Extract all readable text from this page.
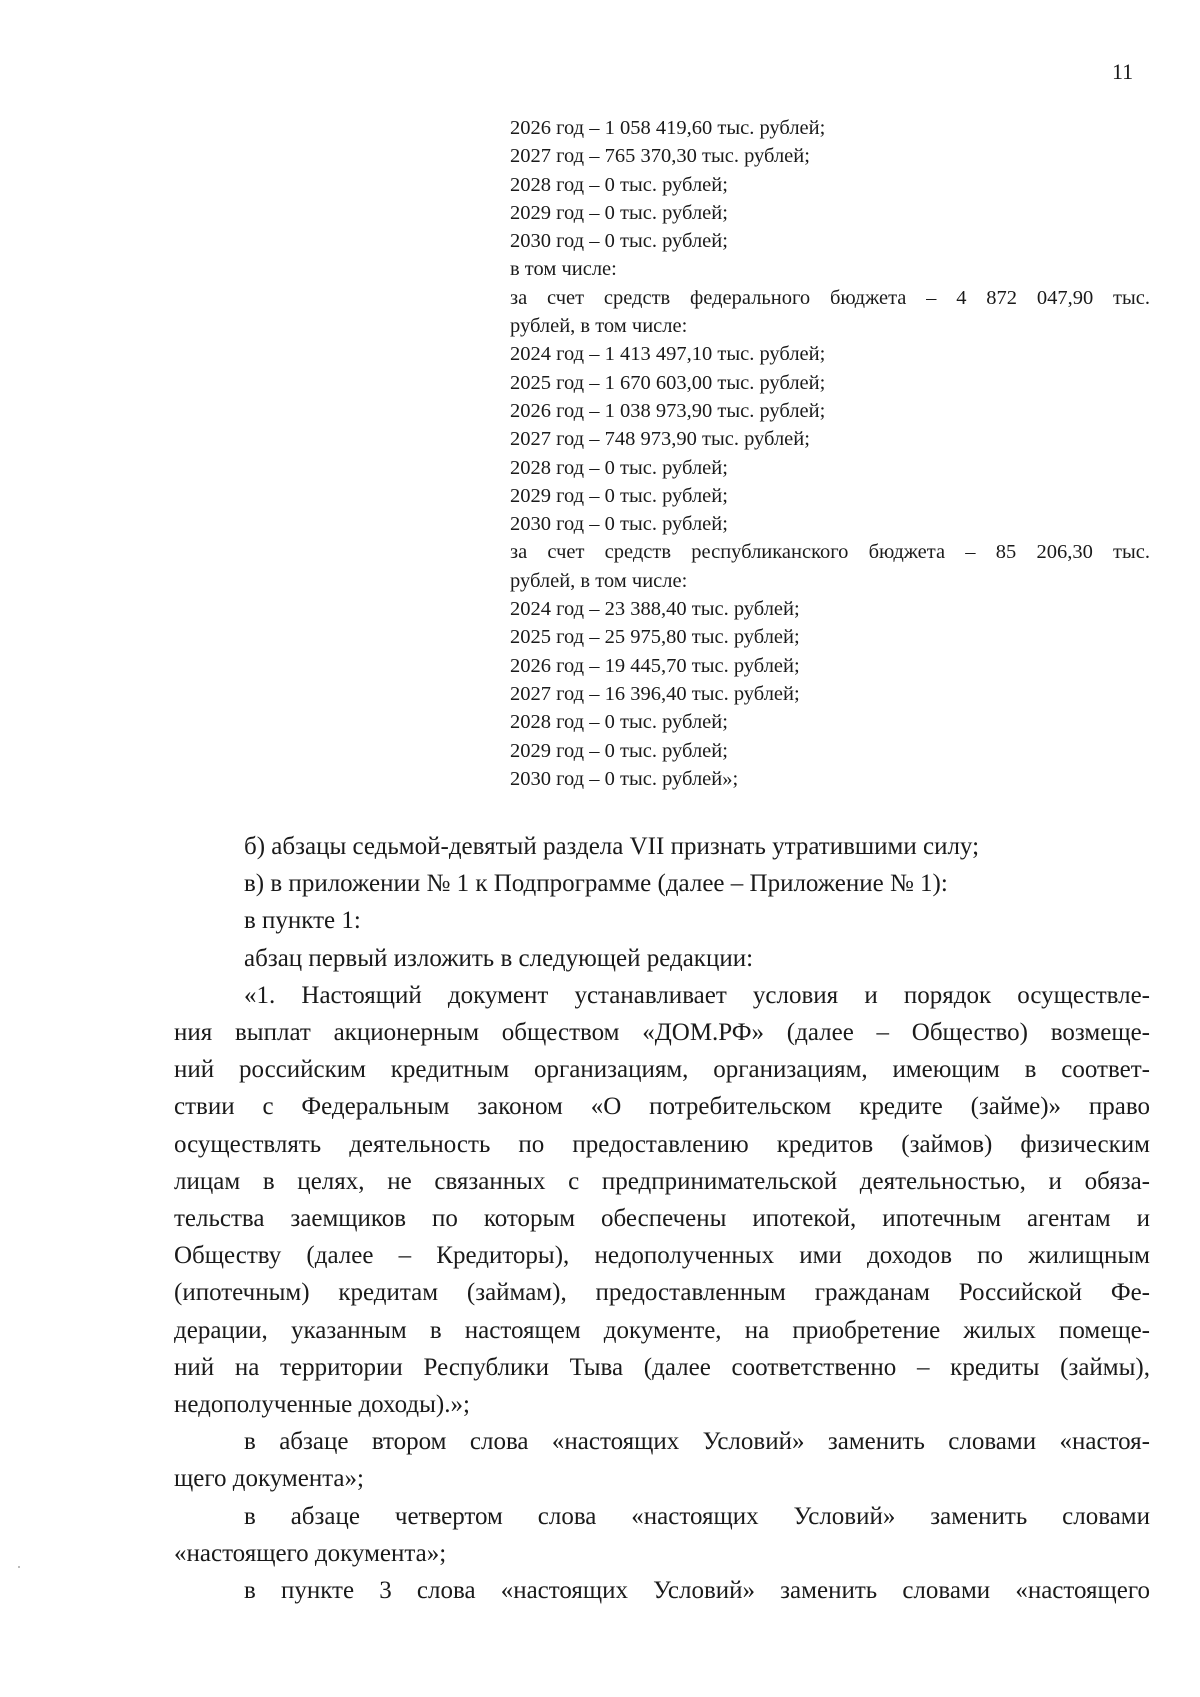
11
2026 год – 1 058 419,60 тыс. рублей;
2027 год – 765 370,30 тыс. рублей;
2028 год – 0 тыс. рублей;
2029 год – 0 тыс. рублей;
2030 год – 0 тыс. рублей;
в том числе:
за счет средств федерального бюджета – 4 872 047,90 тыс.
рублей, в том числе:
2024 год – 1 413 497,10 тыс. рублей;
2025 год – 1 670 603,00 тыс. рублей;
2026 год – 1 038 973,90 тыс. рублей;
2027 год – 748 973,90 тыс. рублей;
2028 год – 0 тыс. рублей;
2029 год – 0 тыс. рублей;
2030 год – 0 тыс. рублей;
за счет средств республиканского бюджета – 85 206,30 тыс.
рублей, в том числе:
2024 год – 23 388,40 тыс. рублей;
2025 год – 25 975,80 тыс. рублей;
2026 год – 19 445,70 тыс. рублей;
2027 год – 16 396,40 тыс. рублей;
2028 год – 0 тыс. рублей;
2029 год – 0 тыс. рублей;
2030 год – 0 тыс. рублей»;
б) абзацы седьмой-девятый раздела VII признать утратившими силу;
в) в приложении № 1 к Подпрограмме (далее – Приложение № 1):
в пункте 1:
абзац первый изложить в следующей редакции:
«1. Настоящий документ устанавливает условия и порядок осуществле-
ния выплат акционерным обществом «ДОМ.РФ» (далее – Общество) возмеще-
ний российским кредитным организациям, организациям, имеющим в соответ-
ствии с Федеральным законом «О потребительском кредите (займе)» право
осуществлять деятельность по предоставлению кредитов (займов) физическим
лицам в целях, не связанных с предпринимательской деятельностью, и обяза-
тельства заемщиков по которым обеспечены ипотекой, ипотечным агентам и
Обществу (далее – Кредиторы), недополученных ими доходов по жилищным
(ипотечным) кредитам (займам), предоставленным гражданам Российской Фе-
дерации, указанным в настоящем документе, на приобретение жилых помеще-
ний на территории Республики Тыва (далее соответственно – кредиты (займы),
недополученные доходы).»;
в абзаце втором слова «настоящих Условий» заменить словами «настоя-
щего документа»;
в абзаце четвертом слова «настоящих Условий» заменить словами
«настоящего документа»;
в пункте 3 слова «настоящих Условий» заменить словами «настоящего
